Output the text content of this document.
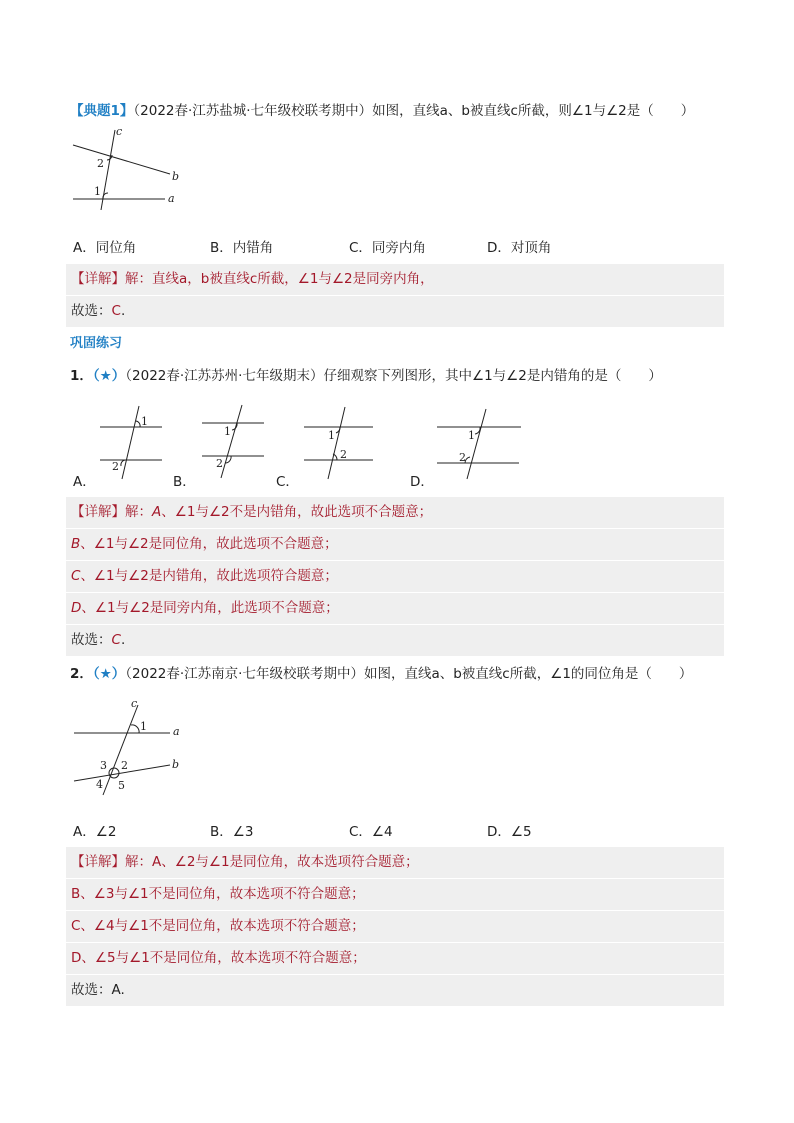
【典题1】（2022春·江苏盐城·七年级校联考期中）如图，直线a、b被直线c所截，则∠1与∠2是（　　）
c
b
a
2
1
A．同位角	B．内错角	C．同旁内角	D．对顶角
【详解】解：直线a，b被直线c所截，∠1与∠2是同旁内角，
故选：C.
巩固练习
1．（★）（2022春·江苏苏州·七年级期末）仔细观察下列图形，其中∠1与∠2是内错角的是（　　）
1
2
A．
1
2
B．
1
2
C．
1
2
D．
【详解】解：A、∠1与∠2不是内错角，故此选项不合题意；
B、∠1与∠2是同位角，故此选项不合题意；
C、∠1与∠2是内错角，故此选项符合题意；
D、∠1与∠2是同旁内角，此选项不合题意；
故选：C.
2．（★）（2022春·江苏南京·七年级校联考期中）如图，直线a、b被直线c所截，∠1的同位角是（　　）
c
a
b
1
2
3
4 5
A．∠2	B．∠3	C．∠4	D．∠5
【详解】解：A、∠2与∠1是同位角，故本选项符合题意；
B、∠3与∠1不是同位角，故本选项不符合题意；
C、∠4与∠1不是同位角，故本选项不符合题意；
D、∠5与∠1不是同位角，故本选项不符合题意；
故选：A.
